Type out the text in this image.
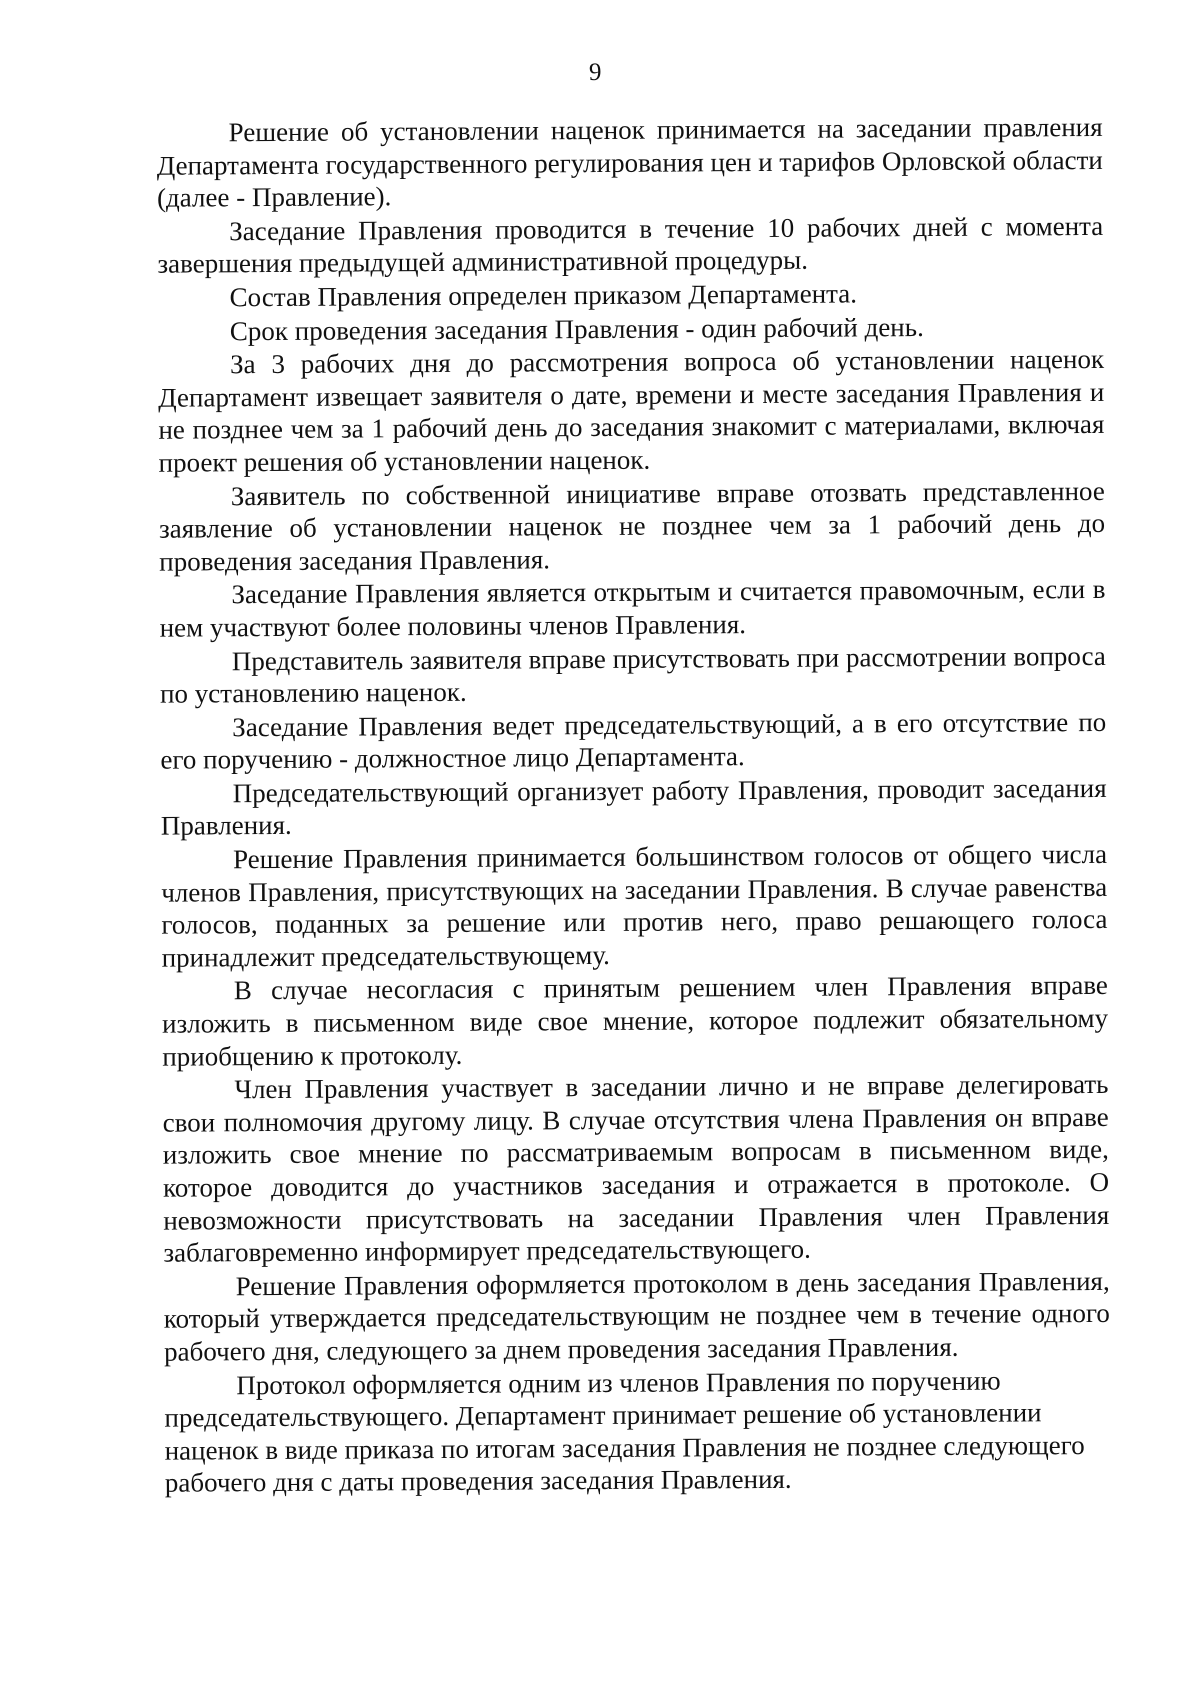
9

Решение об установлении наценок принимается на заседании правления Департамента государственного регулирования цен и тарифов Орловской области (далее - Правление).

Заседание Правления проводится в течение 10 рабочих дней с момента завершения предыдущей административной процедуры.

Состав Правления определен приказом Департамента.

Срок проведения заседания Правления - один рабочий день.

За 3 рабочих дня до рассмотрения вопроса об установлении наценок Департамент извещает заявителя о дате, времени и месте заседания Правления и не позднее чем за 1 рабочий день до заседания знакомит с материалами, включая проект решения об установлении наценок.

Заявитель по собственной инициативе вправе отозвать представленное заявление об установлении наценок не позднее чем за 1 рабочий день до проведения заседания Правления.

Заседание Правления является открытым и считается правомочным, если в нем участвуют более половины членов Правления.

Представитель заявителя вправе присутствовать при рассмотрении вопроса по установлению наценок.

Заседание Правления ведет председательствующий, а в его отсутствие по его поручению - должностное лицо Департамента.

Председательствующий организует работу Правления, проводит заседания Правления.

Решение Правления принимается большинством голосов от общего числа членов Правления, присутствующих на заседании Правления. В случае равенства голосов, поданных за решение или против него, право решающего голоса принадлежит председательствующему.

В случае несогласия с принятым решением член Правления вправе изложить в письменном виде свое мнение, которое подлежит обязательному приобщению к протоколу.

Член Правления участвует в заседании лично и не вправе делегировать свои полномочия другому лицу. В случае отсутствия члена Правления он вправе изложить свое мнение по рассматриваемым вопросам в письменном виде, которое доводится до участников заседания и отражается в протоколе. О невозможности присутствовать на заседании Правления член Правления заблаговременно информирует председательствующего.

Решение Правления оформляется протоколом в день заседания Правления, который утверждается председательствующим не позднее чем в течение одного рабочего дня, следующего за днем проведения заседания Правления.

Протокол оформляется одним из членов Правления по поручению председательствующего. Департамент принимает решение об установлении наценок в виде приказа по итогам заседания Правления не позднее следующего рабочего дня с даты проведения заседания Правления.
